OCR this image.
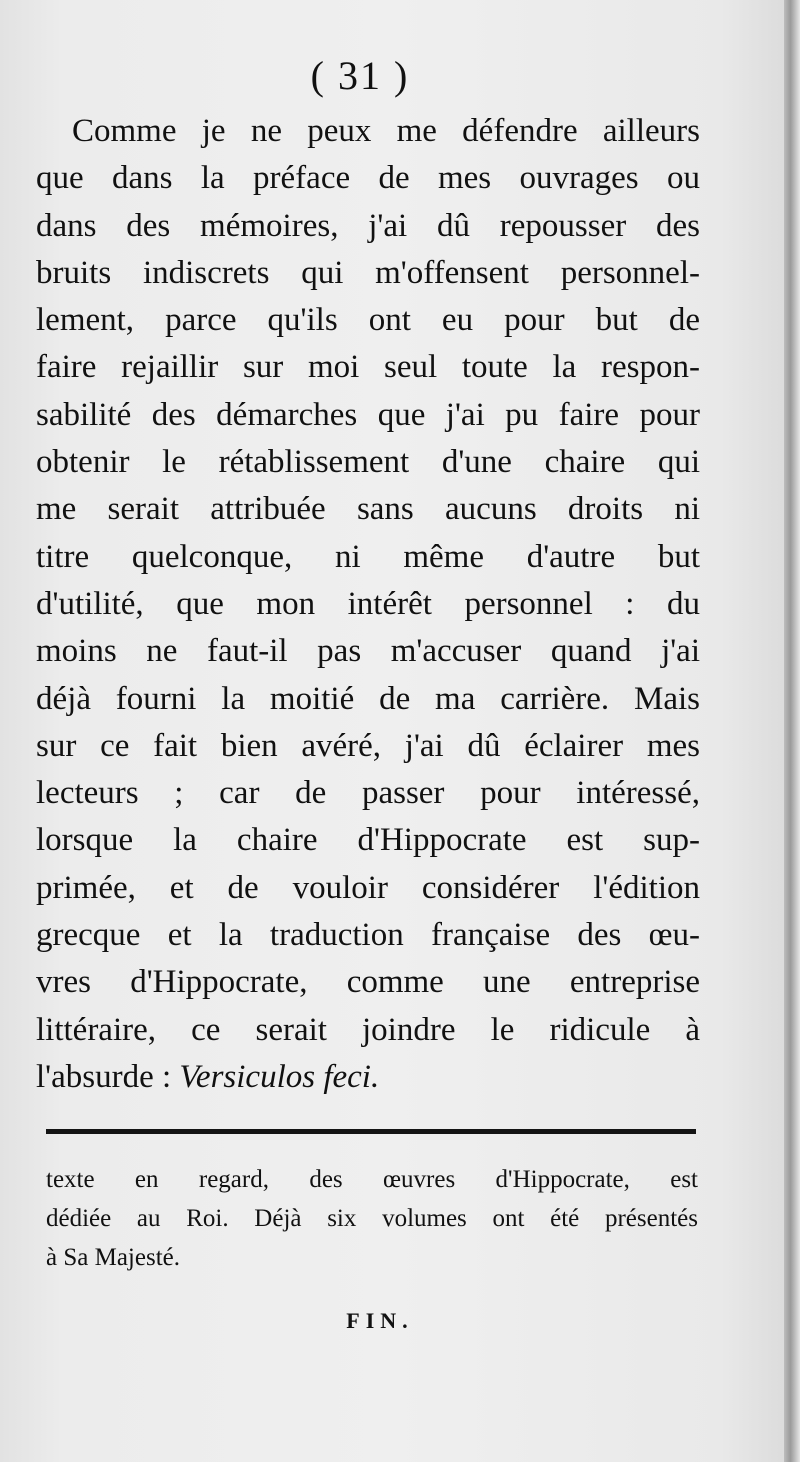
( 31 )
Comme je ne peux me défendre ailleurs
que dans la préface de mes ouvrages ou
dans des mémoires, j'ai dû repousser des
bruits indiscrets qui m'offensent personnel-
lement, parce qu'ils ont eu pour but de
faire rejaillir sur moi seul toute la respon-
sabilité des démarches que j'ai pu faire pour
obtenir le rétablissement d'une chaire qui
me serait attribuée sans aucuns droits ni
titre quelconque, ni même d'autre but
d'utilité, que mon intérêt personnel : du
moins ne faut-il pas m'accuser quand j'ai
déjà fourni la moitié de ma carrière. Mais
sur ce fait bien avéré, j'ai dû éclairer mes
lecteurs ; car de passer pour intéressé,
lorsque la chaire d'Hippocrate est sup-
primée, et de vouloir considérer l'édition
grecque et la traduction française des œu-
vres d'Hippocrate, comme une entreprise
littéraire, ce serait joindre le ridicule à
l'absurde : Versiculos feci.
texte en regard, des œuvres d'Hippocrate, est
dédiée au Roi. Déjà six volumes ont été présentés
à Sa Majesté.
FIN.
